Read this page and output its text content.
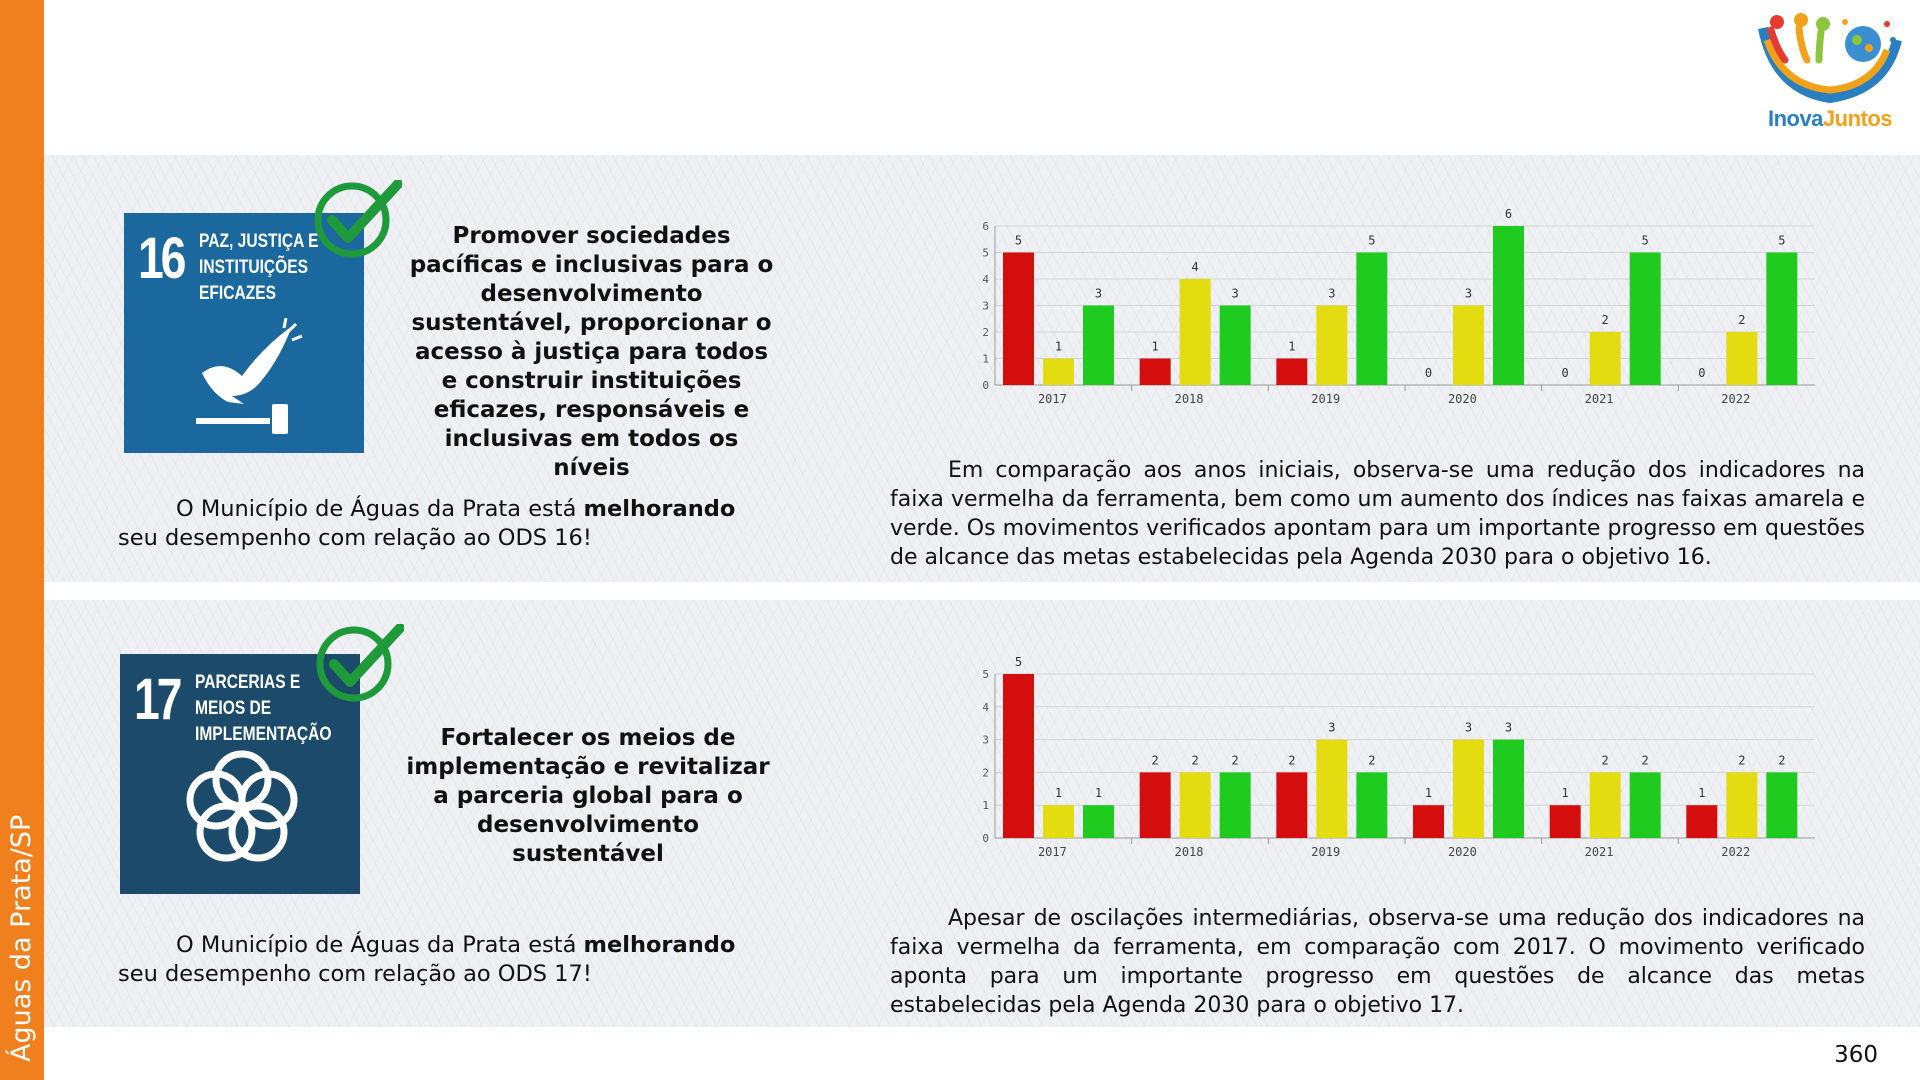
Águas da Prata/SP
InovaJuntos
16 PAZ, JUSTIÇA E INSTITUIÇÕES EFICAZES
Promover sociedades pacíficas e inclusivas para o desenvolvimento sustentável, proporcionar o acesso à justiça para todos e construir instituições eficazes, responsáveis e inclusivas em todos os níveis
O Município de Águas da Prata está melhorando seu desempenho com relação ao ODS 16!
0
1
2
3
4
5
6
2017
5
1
3
2018
1
4
3
2019
1
3
5
2020
0
3
6
2021
0
2
5
2022
0
2
5
Em comparação aos anos iniciais, observa-se uma redução dos indicadores na faixa vermelha da ferramenta, bem como um aumento dos índices nas faixas amarela e verde. Os movimentos verificados apontam para um importante progresso em questões de alcance das metas estabelecidas pela Agenda 2030 para o objetivo 16.
17 PARCERIAS E MEIOS DE IMPLEMENTAÇÃO	Fortalecer os meios de implementação e revitalizar a parceria global para o desenvolvimento sustentável
O Município de Águas da Prata está melhorando seu desempenho com relação ao ODS 17!
0
1
2
3
4
5
2017
5
1	1
2018
2	2	2
2019
2
3
2
2020
1
3	3
2021
1
2	2
2022
1
2	2
Apesar de oscilações intermediárias, observa-se uma redução dos indicadores na faixa vermelha da ferramenta, em comparação com 2017. O movimento verificado aponta para um importante progresso em questões de alcance das metas estabelecidas pela Agenda 2030 para o objetivo 17.
360
